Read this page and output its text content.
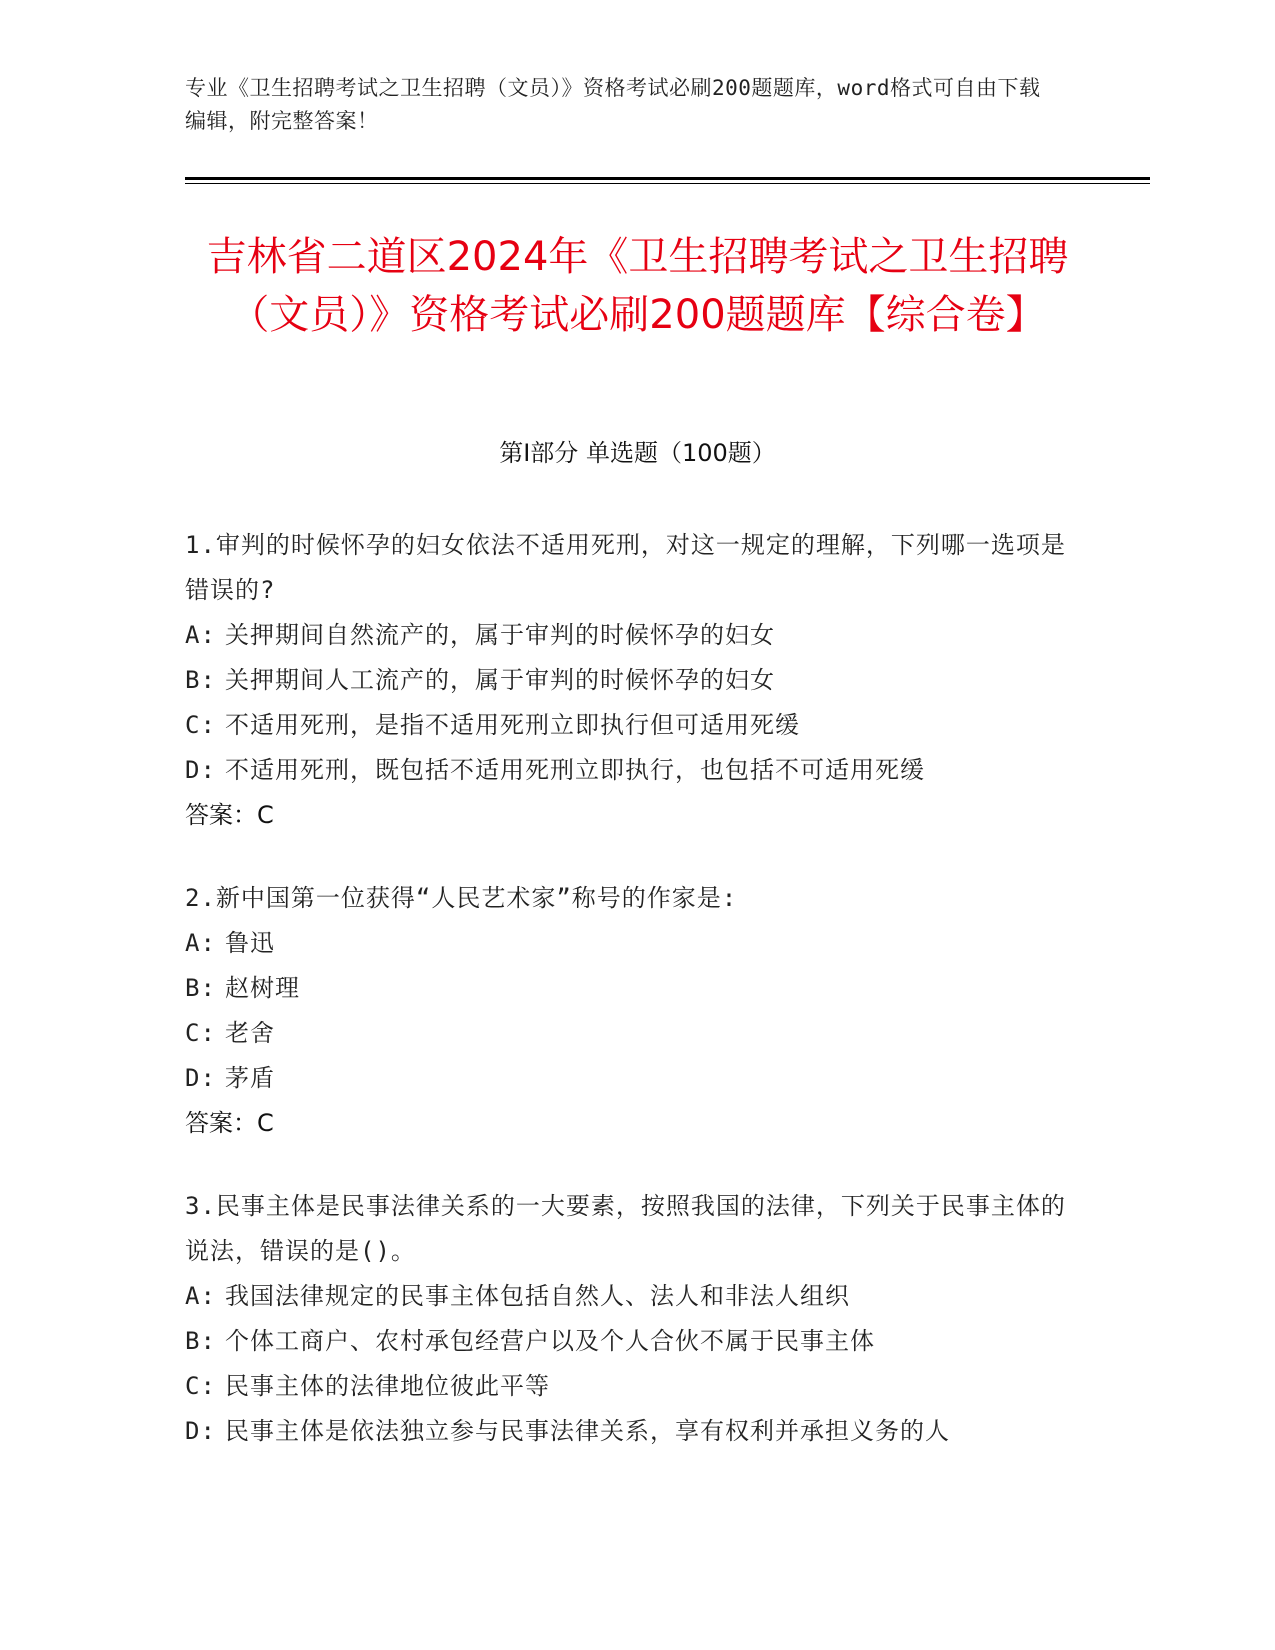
专业《卫生招聘考试之卫生招聘（文员）》资格考试必刷200题题库，word格式可自由下载编辑，附完整答案！
吉林省二道区2024年《卫生招聘考试之卫生招聘（文员）》资格考试必刷200题题库【综合卷】
第Ⅰ部分 单选题（100题）

1.审判的时候怀孕的妇女依法不适用死刑，对这一规定的理解，下列哪一选项是错误的?

A: 关押期间自然流产的，属于审判的时候怀孕的妇女

B: 关押期间人工流产的，属于审判的时候怀孕的妇女

C: 不适用死刑，是指不适用死刑立即执行但可适用死缓

D: 不适用死刑，既包括不适用死刑立即执行，也包括不可适用死缓

答案：C

2.新中国第一位获得“人民艺术家”称号的作家是:

A: 鲁迅

B: 赵树理

C: 老舍

D: 茅盾

答案：C

3.民事主体是民事法律关系的一大要素，按照我国的法律，下列关于民事主体的说法，错误的是()。

A: 我国法律规定的民事主体包括自然人、法人和非法人组织

B: 个体工商户、农村承包经营户以及个人合伙不属于民事主体

C: 民事主体的法律地位彼此平等

D: 民事主体是依法独立参与民事法律关系，享有权利并承担义务的人
